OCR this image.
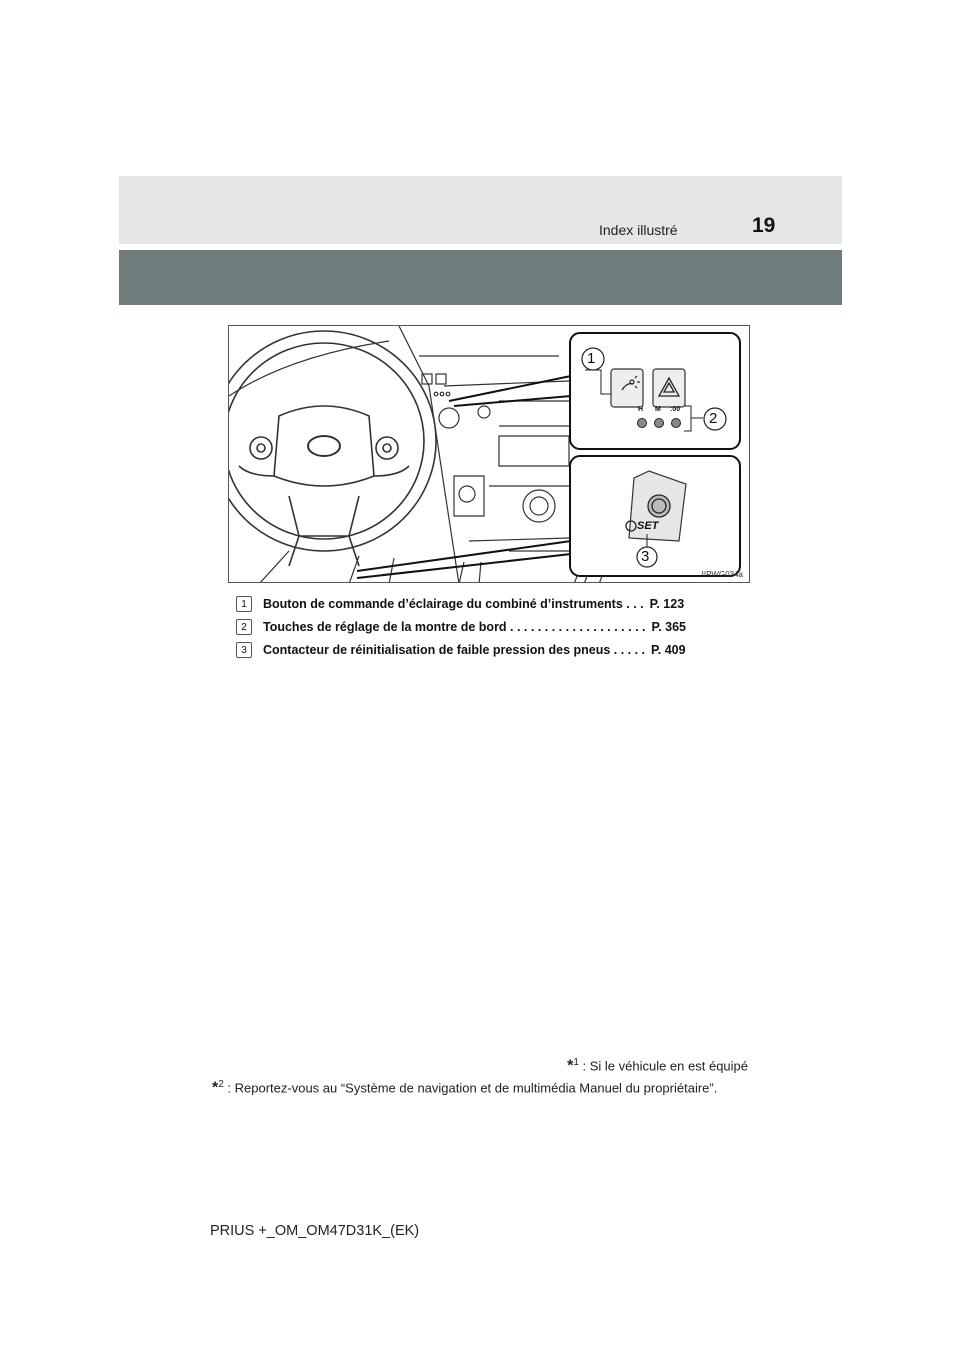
Index illustré	19
1
2
3
H M :00
SET
IIPWG034a
1	Bouton de commande d’éclairage du combiné d’instruments . . . P. 123
2	Touches de réglage de la montre de bord . . . . . . . . . . . . . . . . . . . . P. 365
3	Contacteur de réinitialisation de faible pression des pneus . . . . . P. 409
*$^1$ : Si le véhicule en est équipé
*$^2$ : Reportez-vous au “Système de navigation et de multimédia Manuel du propriétaire”.
PRIUS +_OM_OM47D31K_(EK)
